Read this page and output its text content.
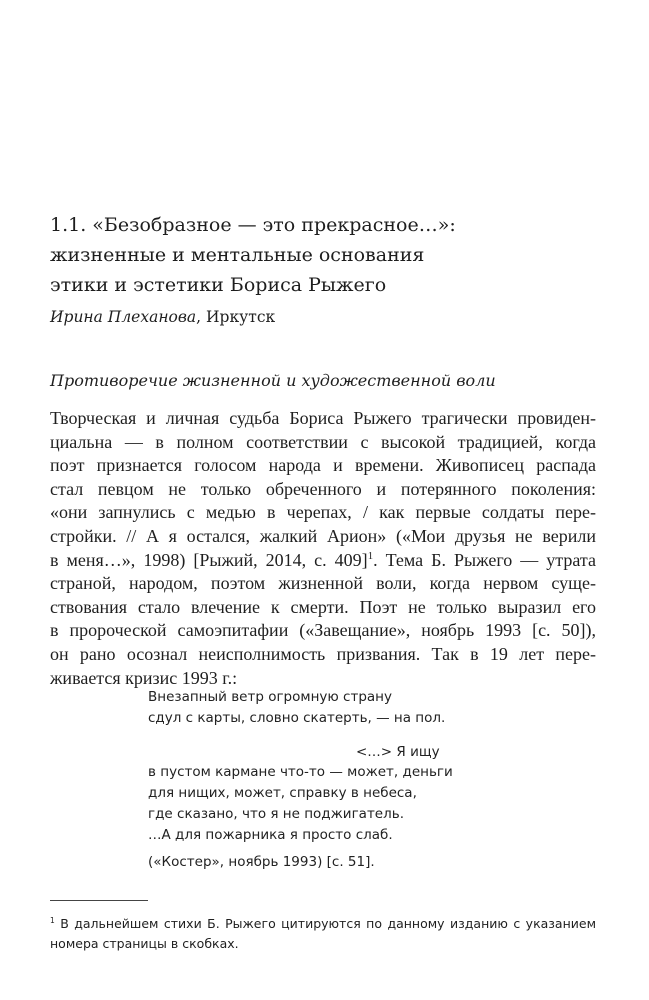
1.1. «Безобразное — это прекрасное…»:
жизненные и ментальные основания
этики и эстетики Бориса Рыжего
Ирина Плеханова, Иркутск
Противоречие жизненной и художественной воли
Творческая и личная судьба Бориса Рыжего трагически провиден-
циальна — в полном соответствии с высокой традицией, когда
поэт признается голосом народа и времени. Живописец распада
стал певцом не только обреченного и потерянного поколения:
«они запнулись с медью в черепах, / как первые солдаты пере-
стройки. // А я остался, жалкий Арион» («Мои друзья не верили
в меня…», 1998) [Рыжий, 2014, с. 409]$^1$. Тема Б. Рыжего — утрата
страной, народом, поэтом жизненной воли, когда нервом суще-
ствования стало влечение к смерти. Поэт не только выразил его
в пророческой самоэпитафии («Завещание», ноябрь 1993 [с. 50]),
он рано осознал неисполнимость призвания. Так в 19 лет пере-
живается кризис 1993 г.:
Внезапный ветр огромную страну
сдул с карты, словно скатерть, — на пол.
<…> Я ищу
в пустом кармане что-то — может, деньги
для нищих, может, справку в небеса,
где сказано, что я не поджигатель.
…А для пожарника я просто слаб.
(«Костер», ноябрь 1993) [с. 51].
$^1$ В дальнейшем стихи Б. Рыжего цитируются по данному изданию с указанием
номера страницы в скобках.
